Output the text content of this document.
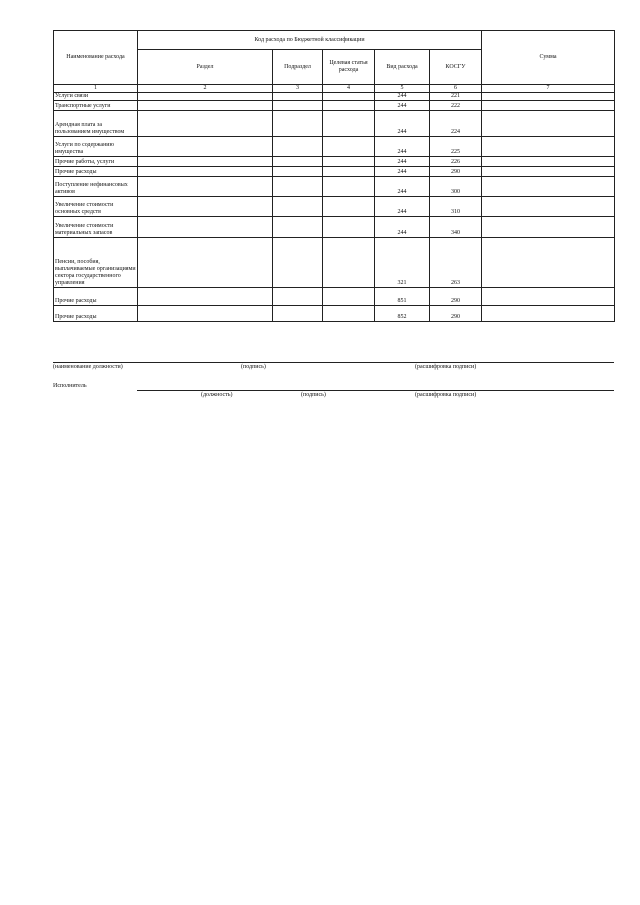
Наименование расхода	Код расхода по Бюджетной классификации					Сумма
	Раздел	Подраздел	Целевая статья расхода	Вид расхода	КОСГУ	
1	2	3	4	5	6	7
Услуги связи				244	221	
Транспортные услуги				244	222	
Арендная плата за пользованием имуществом				244	224	
Услуги по содержанию имущества				244	225	
Прочие работы, услуги				244	226	
Прочие расходы				244	290	
Поступление нефинансовых активов				244	300	
Увеличение стоимости основных средств				244	310	
Увеличение стоимости материальных запасов				244	340	
Пенсии, пособия, выплачиваемые организациями сектора государственного управления				321	263	
Прочие расходы				851	290	
Прочие расходы				852	290	
(наименование должности)	(подпись)	(расшифровка подписи)
Исполнитель
(должность)	(подпись)	(расшифровка подписи)
